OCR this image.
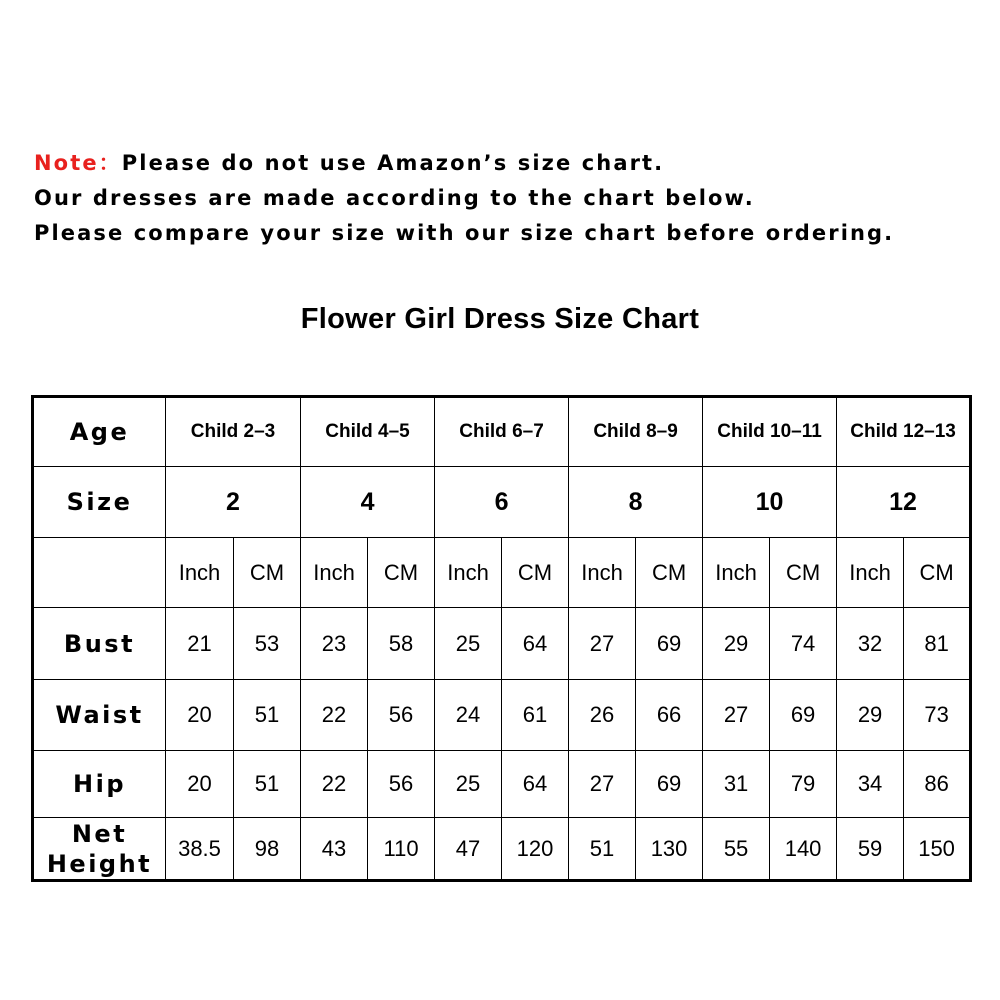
Note：Please do not use Amazon’s size chart.
Our dresses are made according to the chart below.
Please compare your size with our size chart before ordering.
Flower Girl Dress Size Chart
Age	Child 2–3		Child 4–5		Child 6–7		Child 8–9		Child 10–11		Child 12–13	
Size	2		4		6		8		10		12	
	Inch	CM	Inch	CM	Inch	CM	Inch	CM	Inch	CM	Inch	CM
Bust	21	53	23	58	25	64	27	69	29	74	32	81
Waist	20	51	22	56	24	61	26	66	27	69	29	73
Hip	20	51	22	56	25	64	27	69	31	79	34	86
Net
Height	38.5	98	43	110	47	120	51	130	55	140	59	150
